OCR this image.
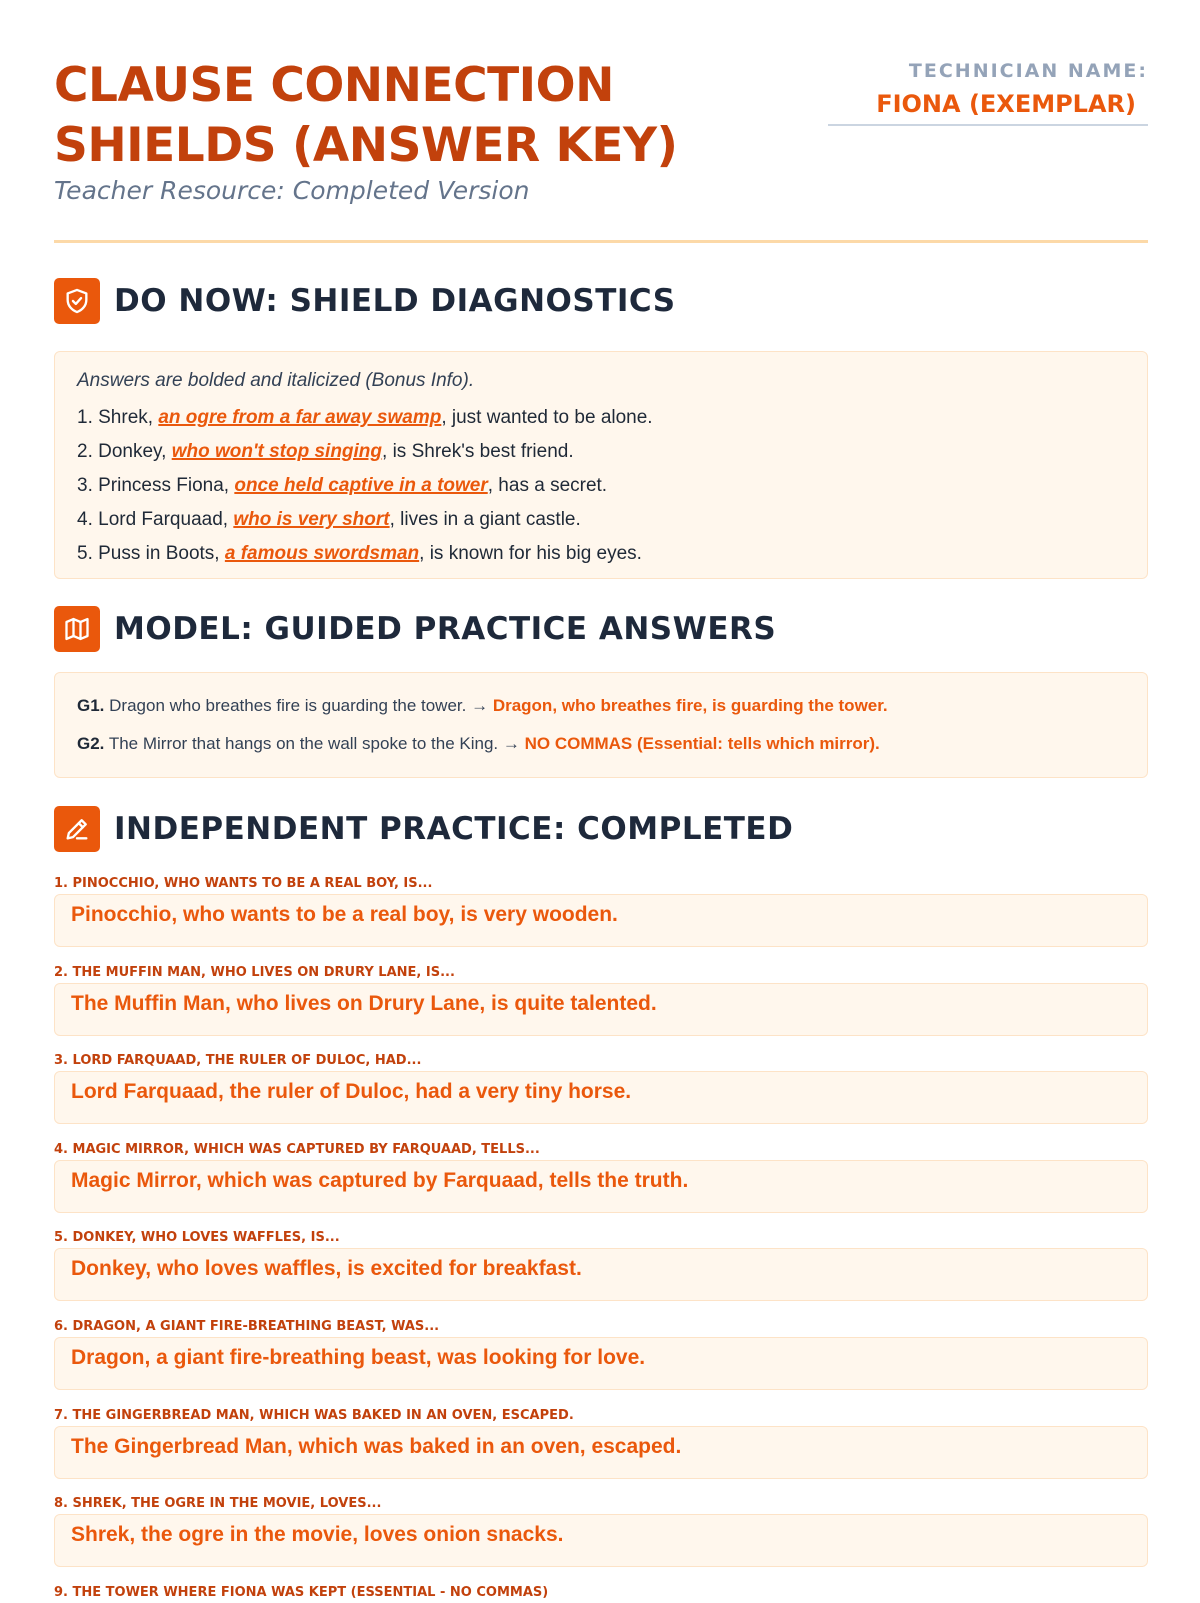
CLAUSE CONNECTION
SHIELDS (ANSWER KEY)
Teacher Resource: Completed Version
TECHNICIAN NAME:
FIONA (EXEMPLAR)
DO NOW: SHIELD DIAGNOSTICS
Answers are bolded and italicized (Bonus Info).
1. Shrek, an ogre from a far away swamp, just wanted to be alone.
2. Donkey, who won't stop singing, is Shrek's best friend.
3. Princess Fiona, once held captive in a tower, has a secret.
4. Lord Farquaad, who is very short, lives in a giant castle.
5. Puss in Boots, a famous swordsman, is known for his big eyes.
MODEL: GUIDED PRACTICE ANSWERS
G1. Dragon who breathes fire is guarding the tower. → Dragon, who breathes fire, is guarding the tower.
G2. The Mirror that hangs on the wall spoke to the King. → NO COMMAS (Essential: tells which mirror).
INDEPENDENT PRACTICE: COMPLETED
1. PINOCCHIO, WHO WANTS TO BE A REAL BOY, IS...
Pinocchio, who wants to be a real boy, is very wooden.
2. THE MUFFIN MAN, WHO LIVES ON DRURY LANE, IS...
The Muffin Man, who lives on Drury Lane, is quite talented.
3. LORD FARQUAAD, THE RULER OF DULOC, HAD...
Lord Farquaad, the ruler of Duloc, had a very tiny horse.
4. MAGIC MIRROR, WHICH WAS CAPTURED BY FARQUAAD, TELLS...
Magic Mirror, which was captured by Farquaad, tells the truth.
5. DONKEY, WHO LOVES WAFFLES, IS...
Donkey, who loves waffles, is excited for breakfast.
6. DRAGON, A GIANT FIRE-BREATHING BEAST, WAS...
Dragon, a giant fire-breathing beast, was looking for love.
7. THE GINGERBREAD MAN, WHICH WAS BAKED IN AN OVEN, ESCAPED.
The Gingerbread Man, which was baked in an oven, escaped.
8. SHREK, THE OGRE IN THE MOVIE, LOVES...
Shrek, the ogre in the movie, loves onion snacks.
9. THE TOWER WHERE FIONA WAS KEPT (ESSENTIAL - NO COMMAS)
